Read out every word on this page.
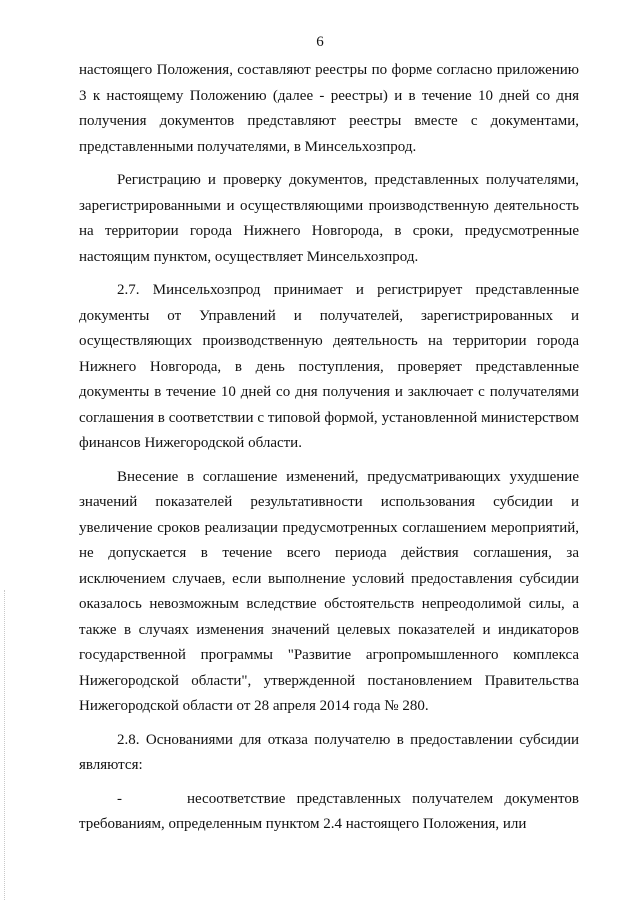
6

настоящего Положения, составляют реестры по форме согласно приложению 3 к настоящему Положению (далее - реестры) и в течение 10 дней со дня получения документов представляют реестры вместе с документами, представленными получателями, в Минсельхозпрод.

Регистрацию и проверку документов, представленных получателями, зарегистрированными и осуществляющими производственную деятельность на территории города Нижнего Новгорода, в сроки, предусмотренные настоящим пунктом, осуществляет Минсельхозпрод.

2.7. Минсельхозпрод принимает и регистрирует представленные документы от Управлений и получателей, зарегистрированных и осуществляющих производственную деятельность на территории города Нижнего Новгорода, в день поступления, проверяет представленные документы в течение 10 дней со дня получения и заключает с получателями соглашения в соответствии с типовой формой, установленной министерством финансов Нижегородской области.

Внесение в соглашение изменений, предусматривающих ухудшение значений показателей результативности использования субсидии и увеличение сроков реализации предусмотренных соглашением мероприятий, не допускается в течение всего периода действия соглашения, за исключением случаев, если выполнение условий предоставления субсидии оказалось невозможным вследствие обстоятельств непреодолимой силы, а также в случаях изменения значений целевых показателей и индикаторов государственной программы "Развитие агропромышленного комплекса Нижегородской области", утвержденной постановлением Правительства Нижегородской области от 28 апреля 2014 года № 280.

2.8. Основаниями для отказа получателю в предоставлении субсидии являются:

-	несоответствие представленных получателем документов требованиям, определенным пунктом 2.4 настоящего Положения, или
